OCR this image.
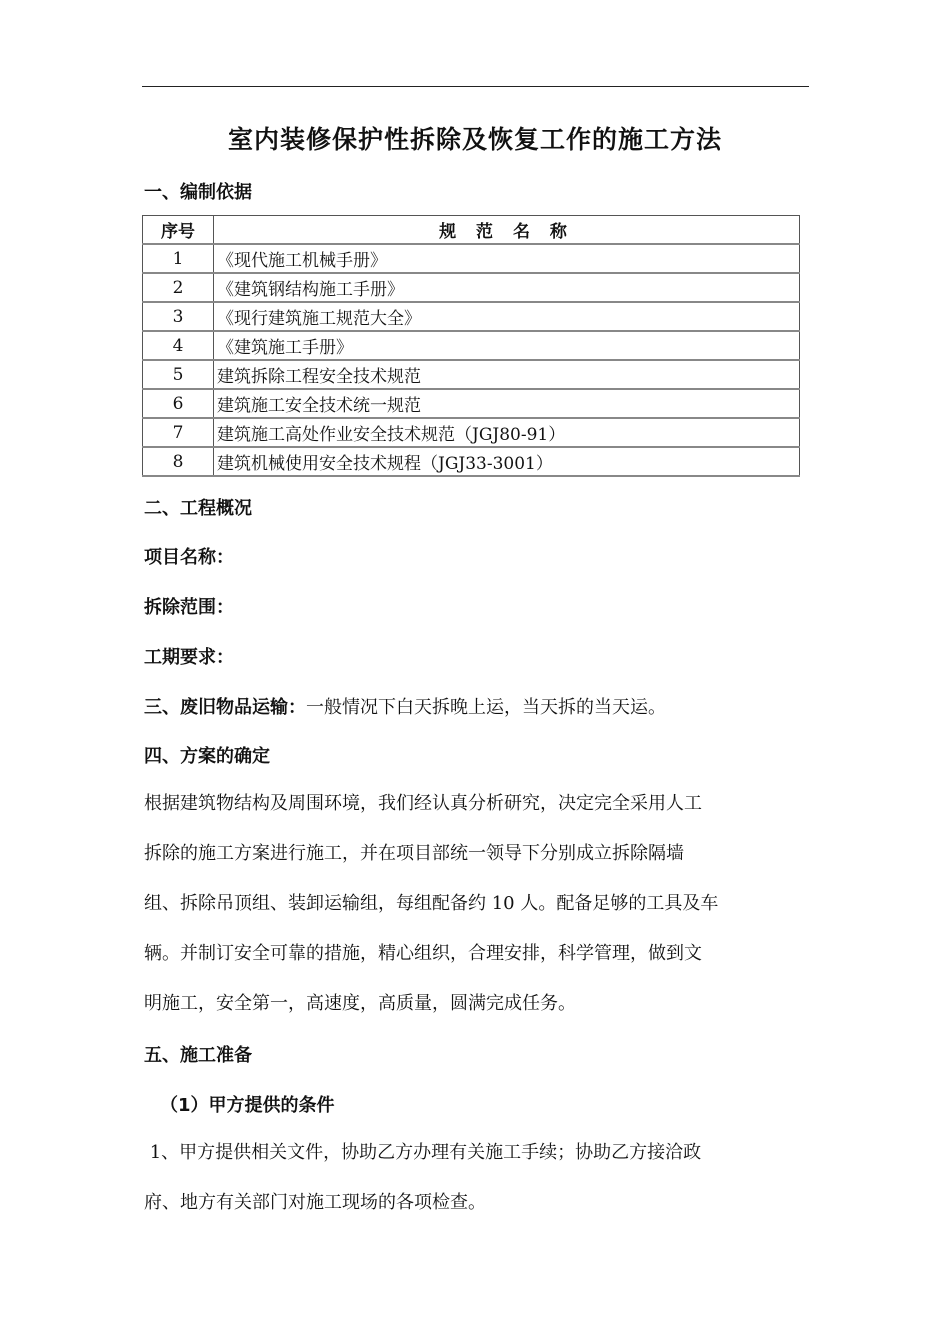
室内装修保护性拆除及恢复工作的施工方法
一、编制依据
序号	规 范 名 称
1	《现代施工机械手册》
2	《建筑钢结构施工手册》
3	《现行建筑施工规范大全》
4	《建筑施工手册》
5	建筑拆除工程安全技术规范
6	建筑施工安全技术统一规范
7	建筑施工高处作业安全技术规范（JGJ80-91）
8	建筑机械使用安全技术规程（JGJ33-3001）
二、工程概况
项目名称：
拆除范围：
工期要求：
三、废旧物品运输：一般情况下白天拆晚上运，当天拆的当天运。
四、方案的确定
根据建筑物结构及周围环境，我们经认真分析研究，决定完全采用人工
拆除的施工方案进行施工，并在项目部统一领导下分别成立拆除隔墙
组、拆除吊顶组、装卸运输组，每组配备约 10 人。配备足够的工具及车
辆。并制订安全可靠的措施，精心组织，合理安排，科学管理，做到文
明施工，安全第一，高速度，高质量，圆满完成任务。
五、施工准备
（1）甲方提供的条件
1、甲方提供相关文件，协助乙方办理有关施工手续；协助乙方接洽政
府、地方有关部门对施工现场的各项检查。
